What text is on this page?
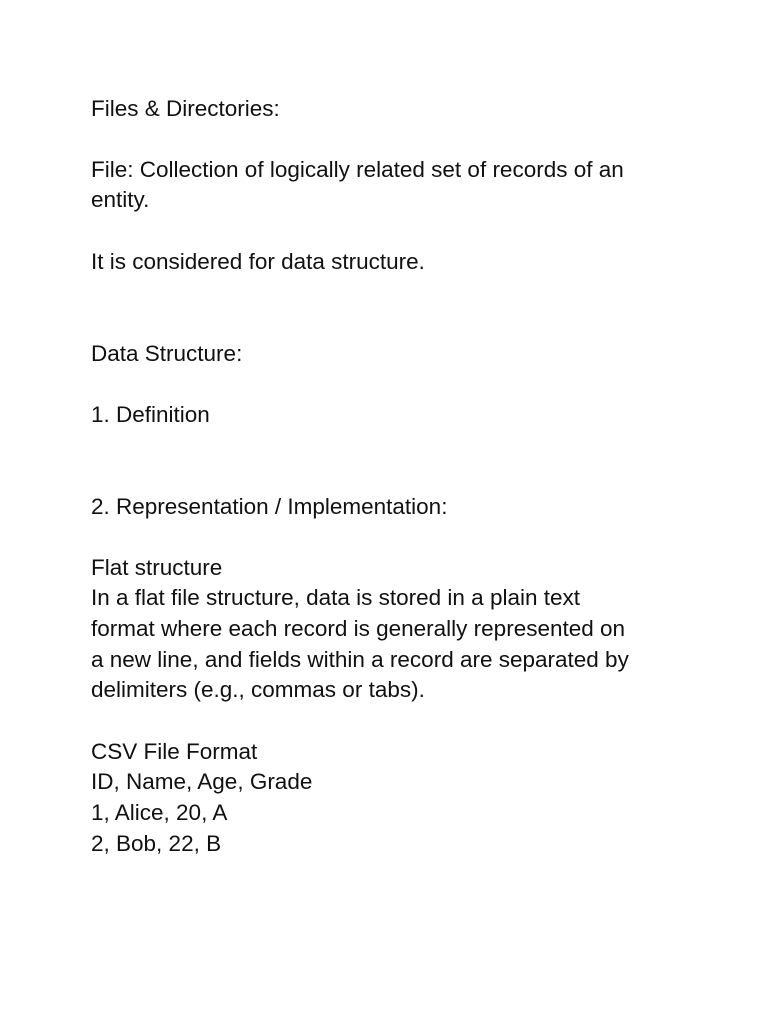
Files & Directories:
File: Collection of logically related set of records of an
entity.
It is considered for data structure.
Data Structure:
1. Definition
2. Representation / Implementation:
Flat structure
In a flat file structure, data is stored in a plain text
format where each record is generally represented on
a new line, and fields within a record are separated by
delimiters (e.g., commas or tabs).
CSV File Format
ID, Name, Age, Grade
1, Alice, 20, A
2, Bob, 22, B
